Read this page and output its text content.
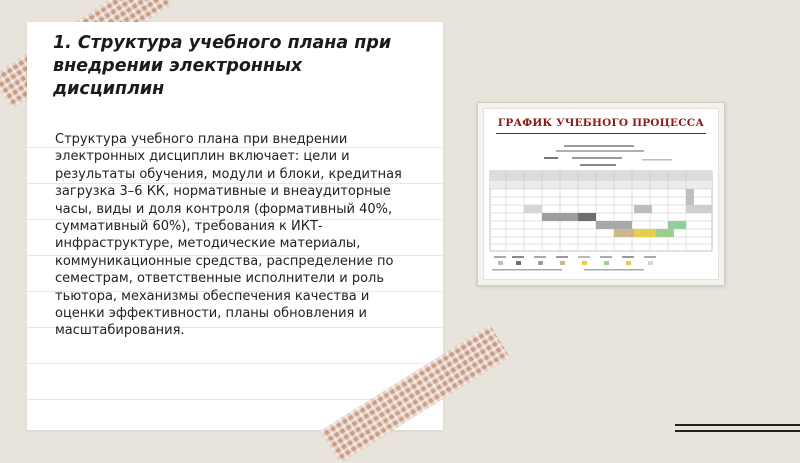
1. Структура учебного плана при внедрении электронных дисциплин
Структура учебного плана при внедрении электронных дисциплин включает: цели и результаты обучения, модули и блоки, кредитная загрузка 3–6 КК, нормативные и внеаудиторные часы, виды и доля контроля (формативный 40%, суммативный 60%), требования к ИКТ-инфраструктуре, методические материалы, коммуникационные средства, распределение по семестрам, ответственные исполнители и роль тьютора, механизмы обеспечения качества и оценки эффективности, планы обновления и масштабирования.
ГРАФИК УЧЕБНОГО ПРОЦЕССА
